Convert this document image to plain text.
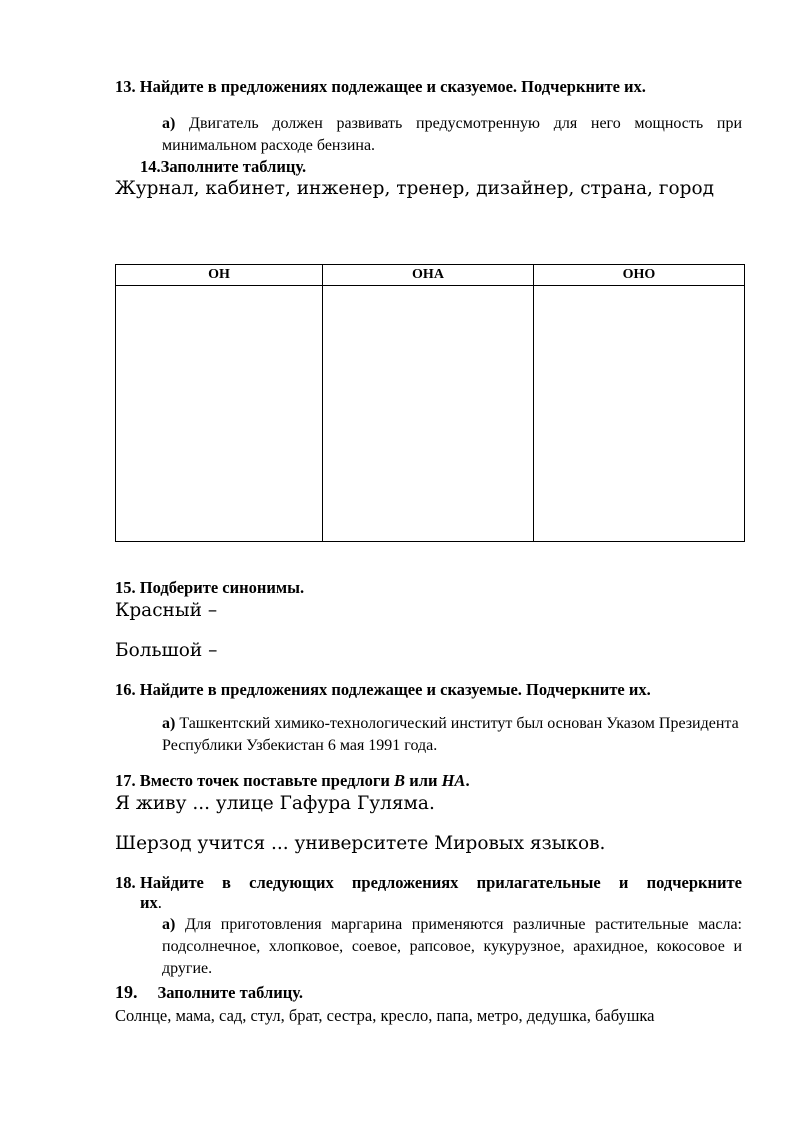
13. Найдите в предложениях подлежащее и сказуемое. Подчеркните их.
а) Двигатель должен развивать предусмотренную для него мощность при минимальном расходе бензина.
14.Заполните таблицу.
Журнал, кабинет, инженер, тренер, дизайнер, страна, город
ОН	ОНА	ОНО

15. Подберите синонимы.
Красный –
Большой –
16. Найдите в предложениях подлежащее и сказуемые. Подчеркните их.
а) Ташкентский химико-технологический институт был основан Указом Президента Республики Узбекистан 6 мая 1991 года.
17. Вместо точек поставьте предлоги В или НА.
Я живу ... улице Гафура Гуляма.
Шерзод учится ... университете Мировых языков.
18. Найдите в следующих предложениях прилагательные и подчеркните
их.
а) Для приготовления маргарина применяются различные растительные масла: подсолнечное, хлопковое, соевое, рапсовое, кукурузное, арахидное, кокосовое и другие.
19. Заполните таблицу.
Солнце, мама, сад, стул, брат, сестра, кресло, папа, метро, дедушка, бабушка
